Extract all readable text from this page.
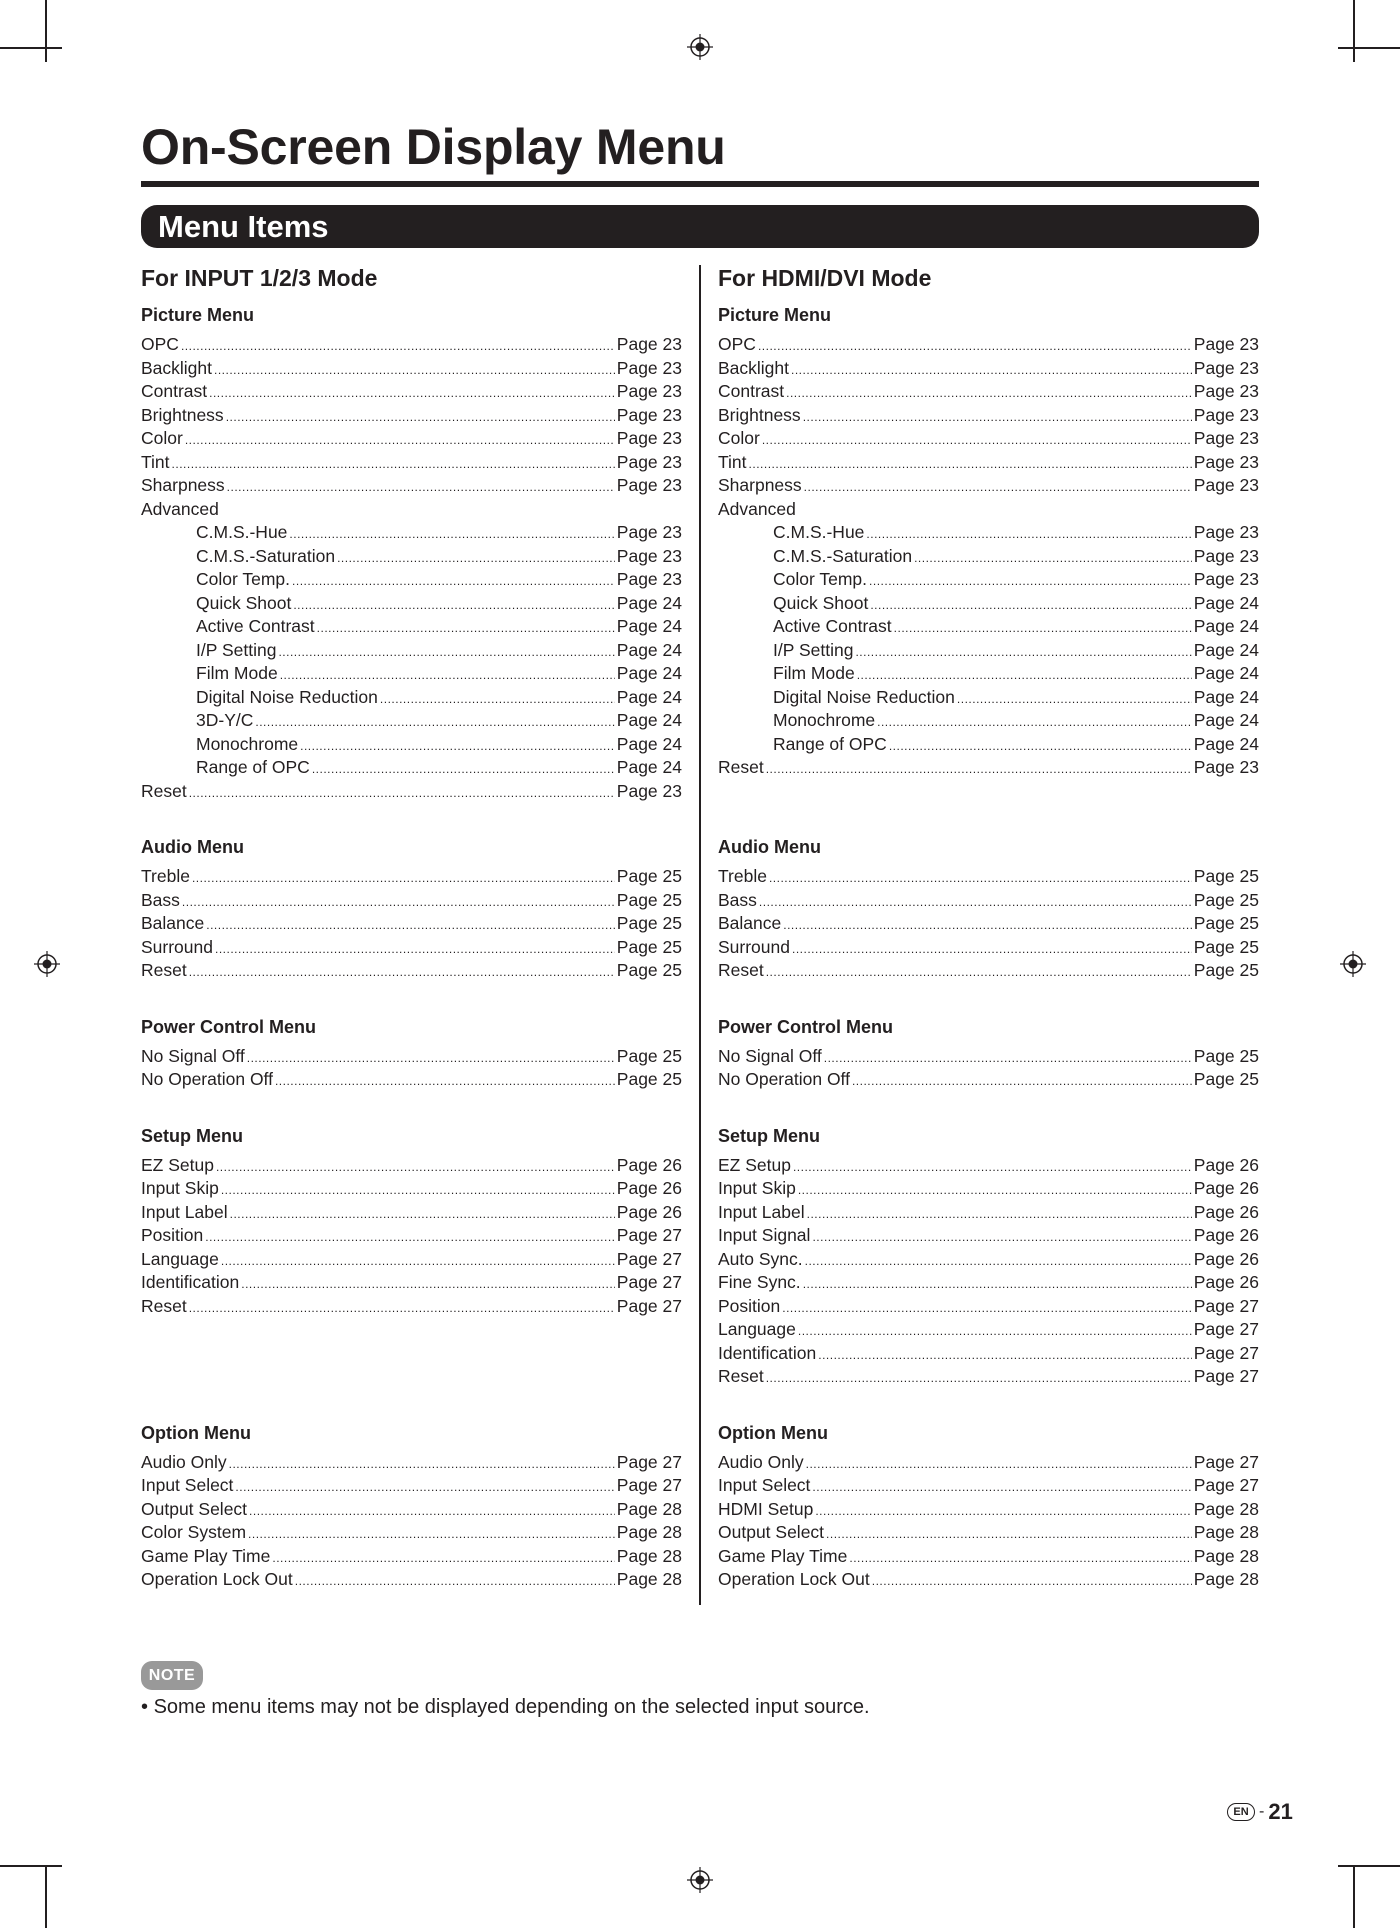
On-Screen Display Menu
Menu Items
For INPUT 1/2/3 Mode
Picture Menu
OPC .....	Page 23
Backlight .....	Page 23
Contrast .....	Page 23
Brightness .....	Page 23
Color .....	Page 23
Tint .....	Page 23
Sharpness .....	Page 23
Advanced
C.M.S.-Hue .....	Page 23
C.M.S.-Saturation .....	Page 23
Color Temp. .....	Page 23
Quick Shoot .....	Page 24
Active Contrast .....	Page 24
I/P Setting .....	Page 24
Film Mode .....	Page 24
Digital Noise Reduction .....	Page 24
3D-Y/C .....	Page 24
Monochrome .....	Page 24
Range of OPC .....	Page 24
Reset .....	Page 23
Audio Menu
Treble .....	Page 25
Bass .....	Page 25
Balance .....	Page 25
Surround .....	Page 25
Reset .....	Page 25
Power Control Menu
No Signal Off .....	Page 25
No Operation Off .....	Page 25
Setup Menu
EZ Setup .....	Page 26
Input Skip .....	Page 26
Input Label .....	Page 26
Position .....	Page 27
Language .....	Page 27
Identification .....	Page 27
Reset .....	Page 27
Option Menu
Audio Only .....	Page 27
Input Select .....	Page 27
Output Select .....	Page 28
Color System .....	Page 28
Game Play Time .....	Page 28
Operation Lock Out .....	Page 28
For HDMI/DVI Mode
Picture Menu
OPC .....	Page 23
Backlight .....	Page 23
Contrast .....	Page 23
Brightness .....	Page 23
Color .....	Page 23
Tint .....	Page 23
Sharpness .....	Page 23
Advanced
C.M.S.-Hue .....	Page 23
C.M.S.-Saturation .....	Page 23
Color Temp. .....	Page 23
Quick Shoot .....	Page 24
Active Contrast .....	Page 24
I/P Setting .....	Page 24
Film Mode .....	Page 24
Digital Noise Reduction .....	Page 24
Monochrome .....	Page 24
Range of OPC .....	Page 24
Reset .....	Page 23
Audio Menu
Treble .....	Page 25
Bass .....	Page 25
Balance .....	Page 25
Surround .....	Page 25
Reset .....	Page 25
Power Control Menu
No Signal Off .....	Page 25
No Operation Off .....	Page 25
Setup Menu
EZ Setup .....	Page 26
Input Skip .....	Page 26
Input Label .....	Page 26
Input Signal .....	Page 26
Auto Sync. .....	Page 26
Fine Sync. .....	Page 26
Position .....	Page 27
Language .....	Page 27
Identification .....	Page 27
Reset .....	Page 27
Option Menu
Audio Only .....	Page 27
Input Select .....	Page 27
HDMI Setup .....	Page 28
Output Select .....	Page 28
Game Play Time .....	Page 28
Operation Lock Out .....	Page 28
NOTE
• Some menu items may not be displayed depending on the selected input source.
EN - 21
